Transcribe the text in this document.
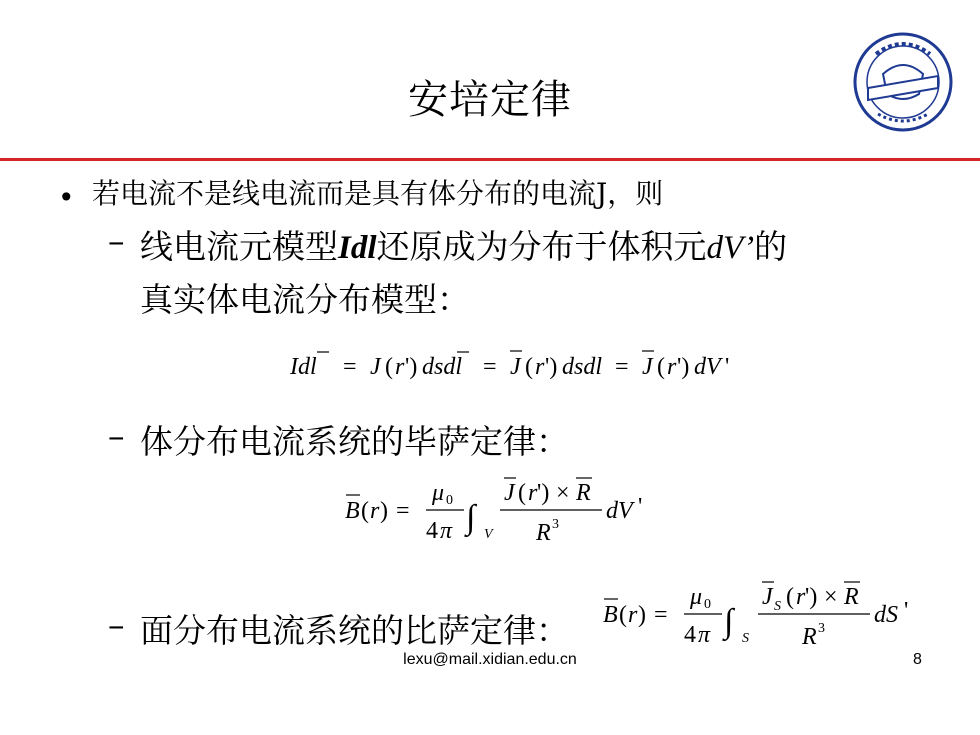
安培定律
• 若电流不是线电流而是具有体分布的电流J，则
– 线电流元模型Idl还原成为分布于体积元dV’的
真实体电流分布模型：
Idl = J ( r ') dsdl = J ( r ') dsdl = J ( r ') dV '
– 体分布电流系统的毕萨定律：
B ( r ) =
μ 0
4 π ∫ V
J ( r ') × R
R 3
dV '
– 面分布电流系统的比萨定律： B ( r ) =
μ 0
4 π ∫ S
J S ( r ') × R
R 3
dS '
lexu@mail.xidian.edu.cn	8
